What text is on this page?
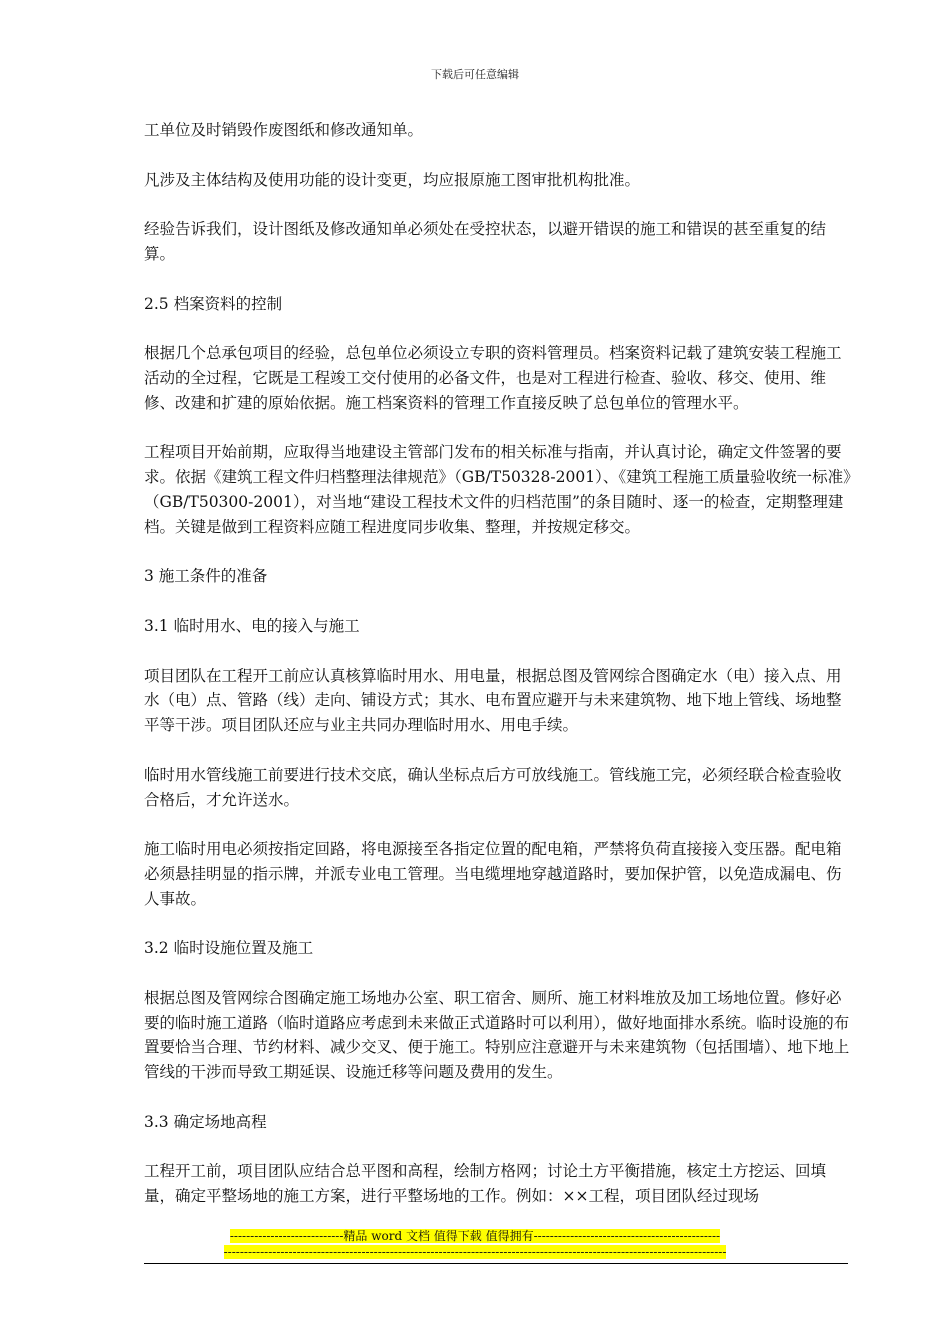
下载后可任意编辑

工单位及时销毁作废图纸和修改通知单。

凡涉及主体结构及使用功能的设计变更，均应报原施工图审批机构批准。

经验告诉我们，设计图纸及修改通知单必须处在受控状态，以避开错误的施工和错误的甚至重复的结算。

2.5 档案资料的控制

根据几个总承包项目的经验，总包单位必须设立专职的资料管理员。档案资料记载了建筑安装工程施工活动的全过程，它既是工程竣工交付使用的必备文件，也是对工程进行检查、验收、移交、使用、维修、改建和扩建的原始依据。施工档案资料的管理工作直接反映了总包单位的管理水平。

工程项目开始前期，应取得当地建设主管部门发布的相关标准与指南，并认真讨论，确定文件签署的要求。依据《建筑工程文件归档整理法律规范》（GB/T50328-2001）、《建筑工程施工质量验收统一标准》（GB/T50300-2001），对当地“建设工程技术文件的归档范围”的条目随时、逐一的检查，定期整理建档。关键是做到工程资料应随工程进度同步收集、整理，并按规定移交。

3 施工条件的准备

3.1 临时用水、电的接入与施工

项目团队在工程开工前应认真核算临时用水、用电量，根据总图及管网综合图确定水（电）接入点、用水（电）点、管路（线）走向、铺设方式；其水、电布置应避开与未来建筑物、地下地上管线、场地整平等干涉。项目团队还应与业主共同办理临时用水、用电手续。

临时用水管线施工前要进行技术交底，确认坐标点后方可放线施工。管线施工完，必须经联合检查验收合格后，才允许送水。

施工临时用电必须按指定回路，将电源接至各指定位置的配电箱，严禁将负荷直接接入变压器。配电箱必须悬挂明显的指示牌，并派专业电工管理。当电缆埋地穿越道路时，要加保护管，以免造成漏电、伤人事故。

3.2 临时设施位置及施工

根据总图及管网综合图确定施工场地办公室、职工宿舍、厕所、施工材料堆放及加工场地位置。修好必要的临时施工道路（临时道路应考虑到未来做正式道路时可以利用），做好地面排水系统。临时设施的布置要恰当合理、节约材料、减少交叉、便于施工。特别应注意避开与未来建筑物（包括围墙）、地下地上管线的干涉而导致工期延误、设施迁移等问题及费用的发生。

3.3 确定场地高程

工程开工前，项目团队应结合总平图和高程，绘制方格网；讨论土方平衡措施，核定土方挖运、回填量，确定平整场地的施工方案，进行平整场地的工作。例如：××工程，项目团队经过现场

----------------------------精品 word 文档 值得下载 值得拥有----------------------------------------------
----------------------------------------------------------------------------------------------------------------------------
